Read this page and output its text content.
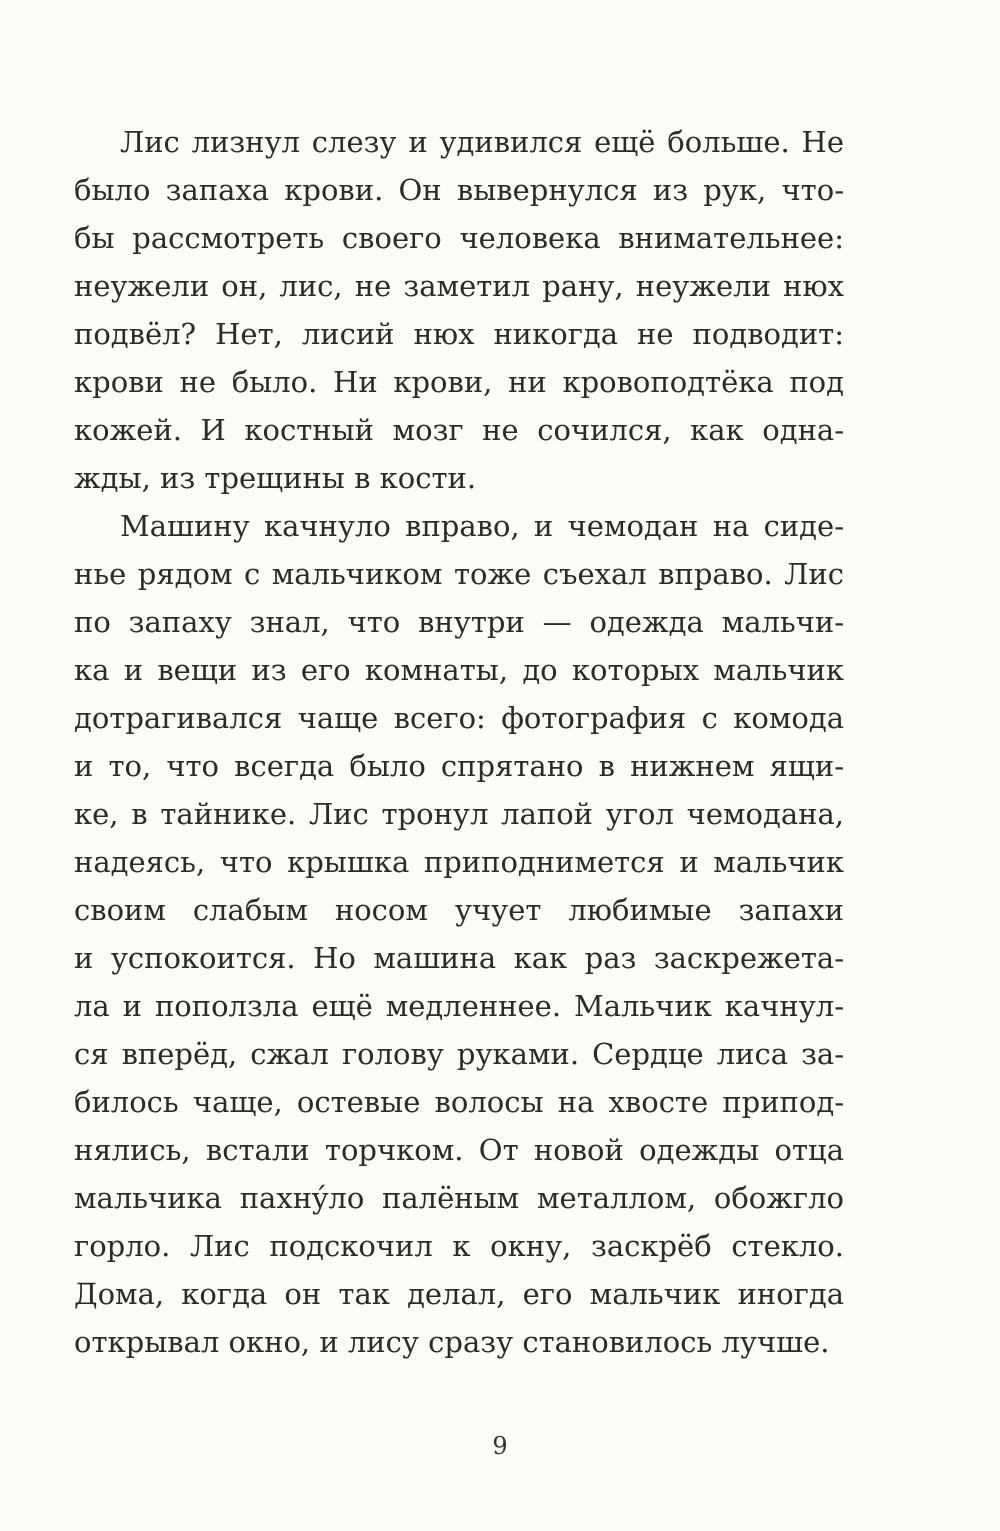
Лис лизнул слезу и удивился ещё больше. Не
было запаха крови. Он вывернулся из рук, что-
бы рассмотреть своего человека внимательнее:
неужели он, лис, не заметил рану, неужели нюх
подвёл? Нет, лисий нюх никогда не подводит:
крови не было. Ни крови, ни кровоподтёка под
кожей. И костный мозг не сочился, как однa-
жды, из трещины в кости.
Машину качнуло вправо, и чемодан на сиде-
нье рядом с мальчиком тоже съехал вправо. Лис
по запаху знал, что внутри — одежда мальчи-
ка и вещи из его комнаты, до которых мальчик
дотрагивался чаще всего: фотография с комода
и то, что всегда было спрятано в нижнем ящи-
ке, в тайнике. Лис тронул лапой угол чемодана,
надеясь, что крышка приподнимется и мальчик
своим слабым носом учует любимые запахи
и успокоится. Но машина как раз заскрежета-
ла и поползла ещё медленнее. Мальчик качнул-
ся вперёд, сжал голову руками. Сердце лиса за-
билось чаще, остевые волосы на хвосте припод-
нялись, встали торчком. От новой одежды отца
мальчика пахнýло палёным металлом, обожгло
горло. Лис подскочил к окну, заскрёб стекло.
Дома, когда он так делал, его мальчик иногда
открывал окно, и лису сразу становилось лучше.
9
